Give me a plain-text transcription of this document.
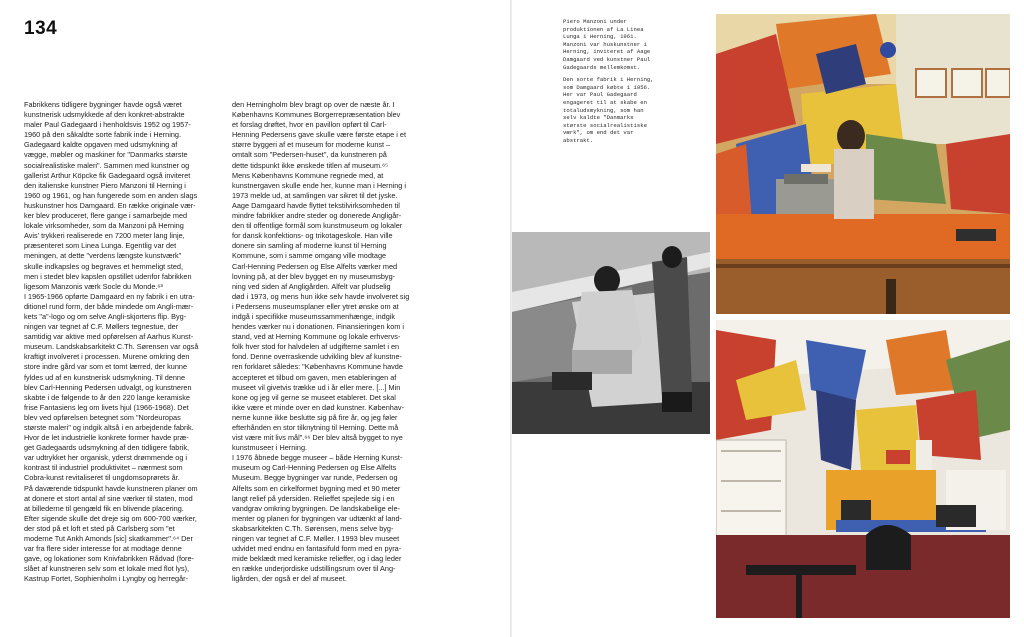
134

Fabrikkens tidligere bygninger havde også været

kunstnerisk udsmykkede af den konkret-abstrakte

maler Paul Gadegaard i henholdsvis 1952 og 1957-

1960 på den såkaldte sorte fabrik inde i Herning.

Gadegaard kaldte opgaven med udsmykning af

vægge, møbler og maskiner for "Danmarks største

socialrealistiske maleri". Sammen med kunstner og

gallerist Arthur Köpcke fik Gadegaard også inviteret

den italienske kunstner Piero Manzoni til Herning i

1960 og 1961, og han fungerede som en anden slags

huskunstner hos Damgaard. En række originale vær-

ker blev produceret, flere gange i samarbejde med

lokale virksomheder, som da Manzoni på Herning

Avis' trykkeri realiserede en 7200 meter lang linje,

præsenteret som Linea Lunga. Egentlig var det

meningen, at dette "verdens længste kunstværk"

skulle indkapsles og begraves et hemmeligt sted,

men i stedet blev kapslen opstillet udenfor fabrikken

ligesom Manzonis værk Socle du Monde.⁶³

I 1965-1966 opførte Damgaard en ny fabrik i en utra-

ditionel rund form, der både mindede om Angli-mær-

kets "a"-logo og om selve Angli-skjortens flip. Byg-

ningen var tegnet af C.F. Møllers tegnestue, der

samtidig var aktive med opførelsen af Aarhus Kunst-

museum. Landskabsarkitekt C.Th. Sørensen var også

kraftigt involveret i processen. Murene omkring den

store indre gård var som et tomt lærred, der kunne

fyldes ud af en kunstnerisk udsmykning. Til denne

blev Carl-Henning Pedersen udvalgt, og kunstneren

skabte i de følgende to år den 220 lange keramiske

frise Fantasiens leg om livets hjul (1966-1968). Det

blev ved opførelsen betegnet som "Nordeuropas

største maleri" og indgik altså i en arbejdende fabrik.

Hvor de let industrielle konkrete former havde præ-

get Gadegaards udsmykning af den tidligere fabrik,

var udtrykket her organisk, yderst drømmende og i

kontrast til industriel produktivitet – nærmest som

Cobra-kunst revitaliseret til ungdomsoprørets år.

På daværende tidspunkt havde kunstneren planer om

at donere et stort antal af sine værker til staten, mod

at billederne til gengæld fik en blivende placering.

Efter sigende skulle det dreje sig om 600-700 værker,

der stod på et loft et sted på Carlsberg som "et

moderne Tut Ankh Amonds [sic] skatkammer".⁶⁴ Der

var fra flere sider interesse for at modtage denne

gave, og lokationer som Knivfabrikken Rådvad (fore-

slået af kunstneren selv som et lokale med flot lys),

Kastrup Fortet, Sophienholm i Lyngby og herregår-

den Herningholm blev bragt op over de næste år. I

Københavns Kommunes Borgerrepræsentation blev

et forslag drøftet, hvor en pavillon opført til Carl-

Henning Pedersens gave skulle være første etape i et

større byggeri af et museum for moderne kunst –

omtalt som "Pedersen-huset", da kunstneren på

dette tidspunkt ikke ønskede titlen af museum.⁶⁵

Mens Københavns Kommune regnede med, at

kunstnergaven skulle ende her, kunne man i Herning i

1973 melde ud, at samlingen var sikret til det jyske.

Aage Damgaard havde flyttet tekstilvirksomheden til

mindre fabrikker andre steder og donerede Angligår-

den til offentlige formål som kunstmuseum og lokaler

for dansk konfektions- og trikotageskole. Han ville

donere sin samling af moderne kunst til Herning

Kommune, som i samme omgang ville modtage

Carl-Henning Pedersen og Else Alfelts værker med

lovning på, at der blev bygget en ny museumsbyg-

ning ved siden af Angligården. Alfelt var pludselig

død i 1973, og mens hun ikke selv havde involveret sig

i Pedersens museumsplaner eller ytret ønske om at

indgå i specifikke museumssammenhænge, indgik

hendes værker nu i donationen. Finansieringen kom i

stand, ved at Herning Kommune og lokale erhvervs-

folk hver stod for halvdelen af udgifterne samlet i en

fond. Denne overraskende udvikling blev af kunstne-

ren forklaret således: "Københavns Kommune havde

accepteret et tilbud om gaven, men etableringen af

museet vil givetvis trække ud i år eller mere. [...] Min

kone og jeg vil gerne se museet etableret. Det skal

ikke være et minde over en død kunstner. Københav-

nerne kunne ikke beslutte sig på fire år, og jeg føler

efterhånden en stor tilknytning til Herning. Dette må

vist være mit livs mål".⁶⁶ Der blev altså bygget to nye

kunstmuseer i Herning.

I 1976 åbnede begge museer – både Herning Kunst-

museum og Carl-Henning Pedersen og Else Alfelts

Museum. Begge bygninger var runde, Pedersen og

Alfelts som en cirkelformet bygning med et 90 meter

langt relief på ydersiden. Relieffet spejlede sig i en

vandgrav omkring bygningen. De landskabelige ele-

menter og planen for bygningen var udtænkt af land-

skabsarkitekten C.Th. Sørensen, mens selve byg-

ningen var tegnet af C.F. Møller. I 1993 blev museet

udvidet med endnu en fantasifuld form med en pyra-

mide beklædt med keramiske relieffer, og i dag leder

en række underjordiske udstillingsrum over til Ang-

ligården, der også er del af museet.

Piero Manzoni under
produktionen af La Linea
Lunga i Herning, 1961.
Manzoni var huskunstner i
Herning, inviteret af Aage
Damgaard ved kunstner Paul
Gadegaards mellemkomst.

Den sorte fabrik i Herning,
som Damgaard købte i 1956.
Her var Paul Gadegaard
engageret til at skabe en
totaludsmykning, som han
selv kaldte "Danmarks
største socialrealistiske
værk", om end det var
abstrakt.
